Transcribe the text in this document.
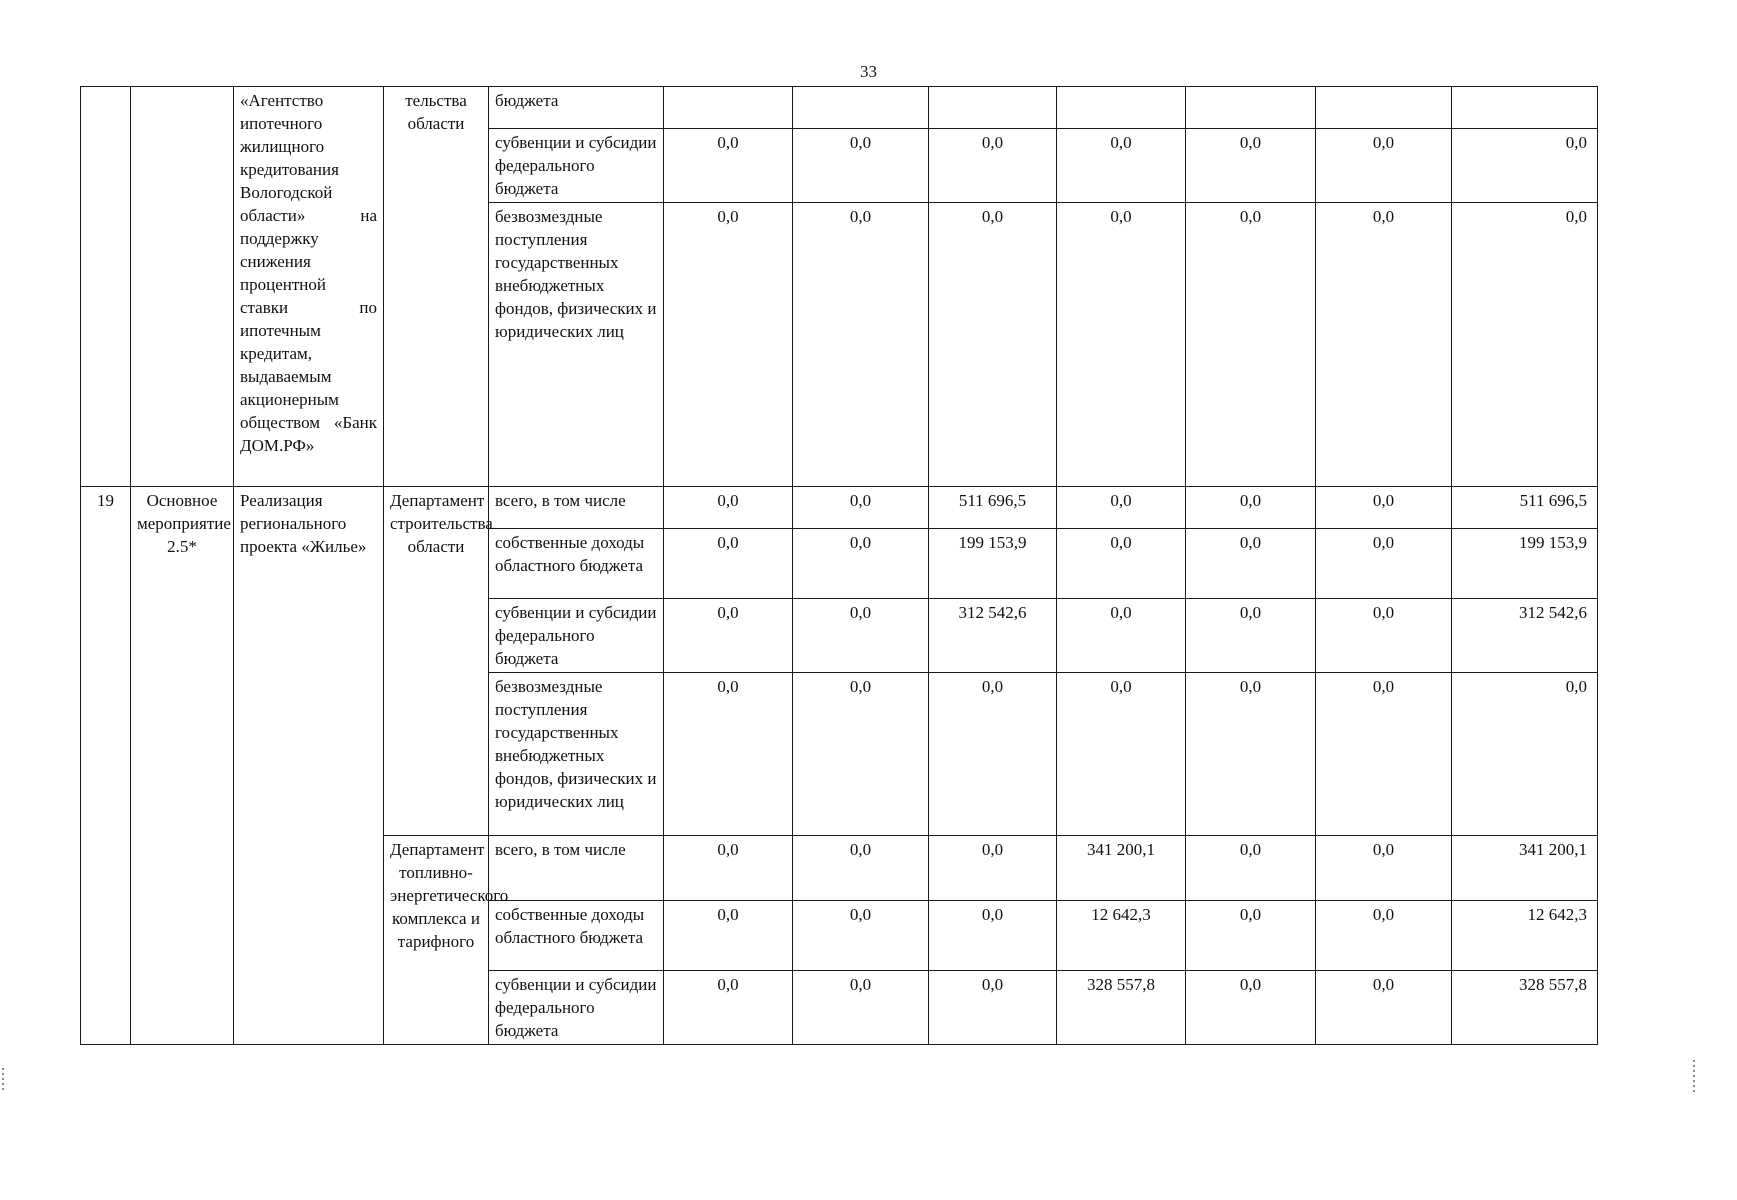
33
		«Агентство ипотечного жилищного кредитования Вологодской области» на поддержку снижения процентной ставки по ипотечным кредитам, выдаваемым акционерным обществом «Банк ДОМ.РФ»	тельства области	бюджета							
				субвенции и субсидии федерального бюджета	0,0	0,0	0,0	0,0	0,0	0,0	0,0
				безвозмездные поступления государственных внебюджетных фондов, физических и юридических лиц	0,0	0,0	0,0	0,0	0,0	0,0	0,0
19	Основное мероприятие 2.5*	Реализация регионального проекта «Жилье»	Департамент строительства области	всего, в том числе	0,0	0,0	511 696,5	0,0	0,0	0,0	511 696,5
				собственные доходы областного бюджета	0,0	0,0	199 153,9	0,0	0,0	0,0	199 153,9
				субвенции и субсидии федерального бюджета	0,0	0,0	312 542,6	0,0	0,0	0,0	312 542,6
				безвозмездные поступления государственных внебюджетных фондов, физических и юридических лиц	0,0	0,0	0,0	0,0	0,0	0,0	0,0
			Департамент топливно-энергетического комплекса и тарифного	всего, в том числе	0,0	0,0	0,0	341 200,1	0,0	0,0	341 200,1
				собственные доходы областного бюджета	0,0	0,0	0,0	12 642,3	0,0	0,0	12 642,3
				субвенции и субсидии федерального бюджета	0,0	0,0	0,0	328 557,8	0,0	0,0	328 557,8
